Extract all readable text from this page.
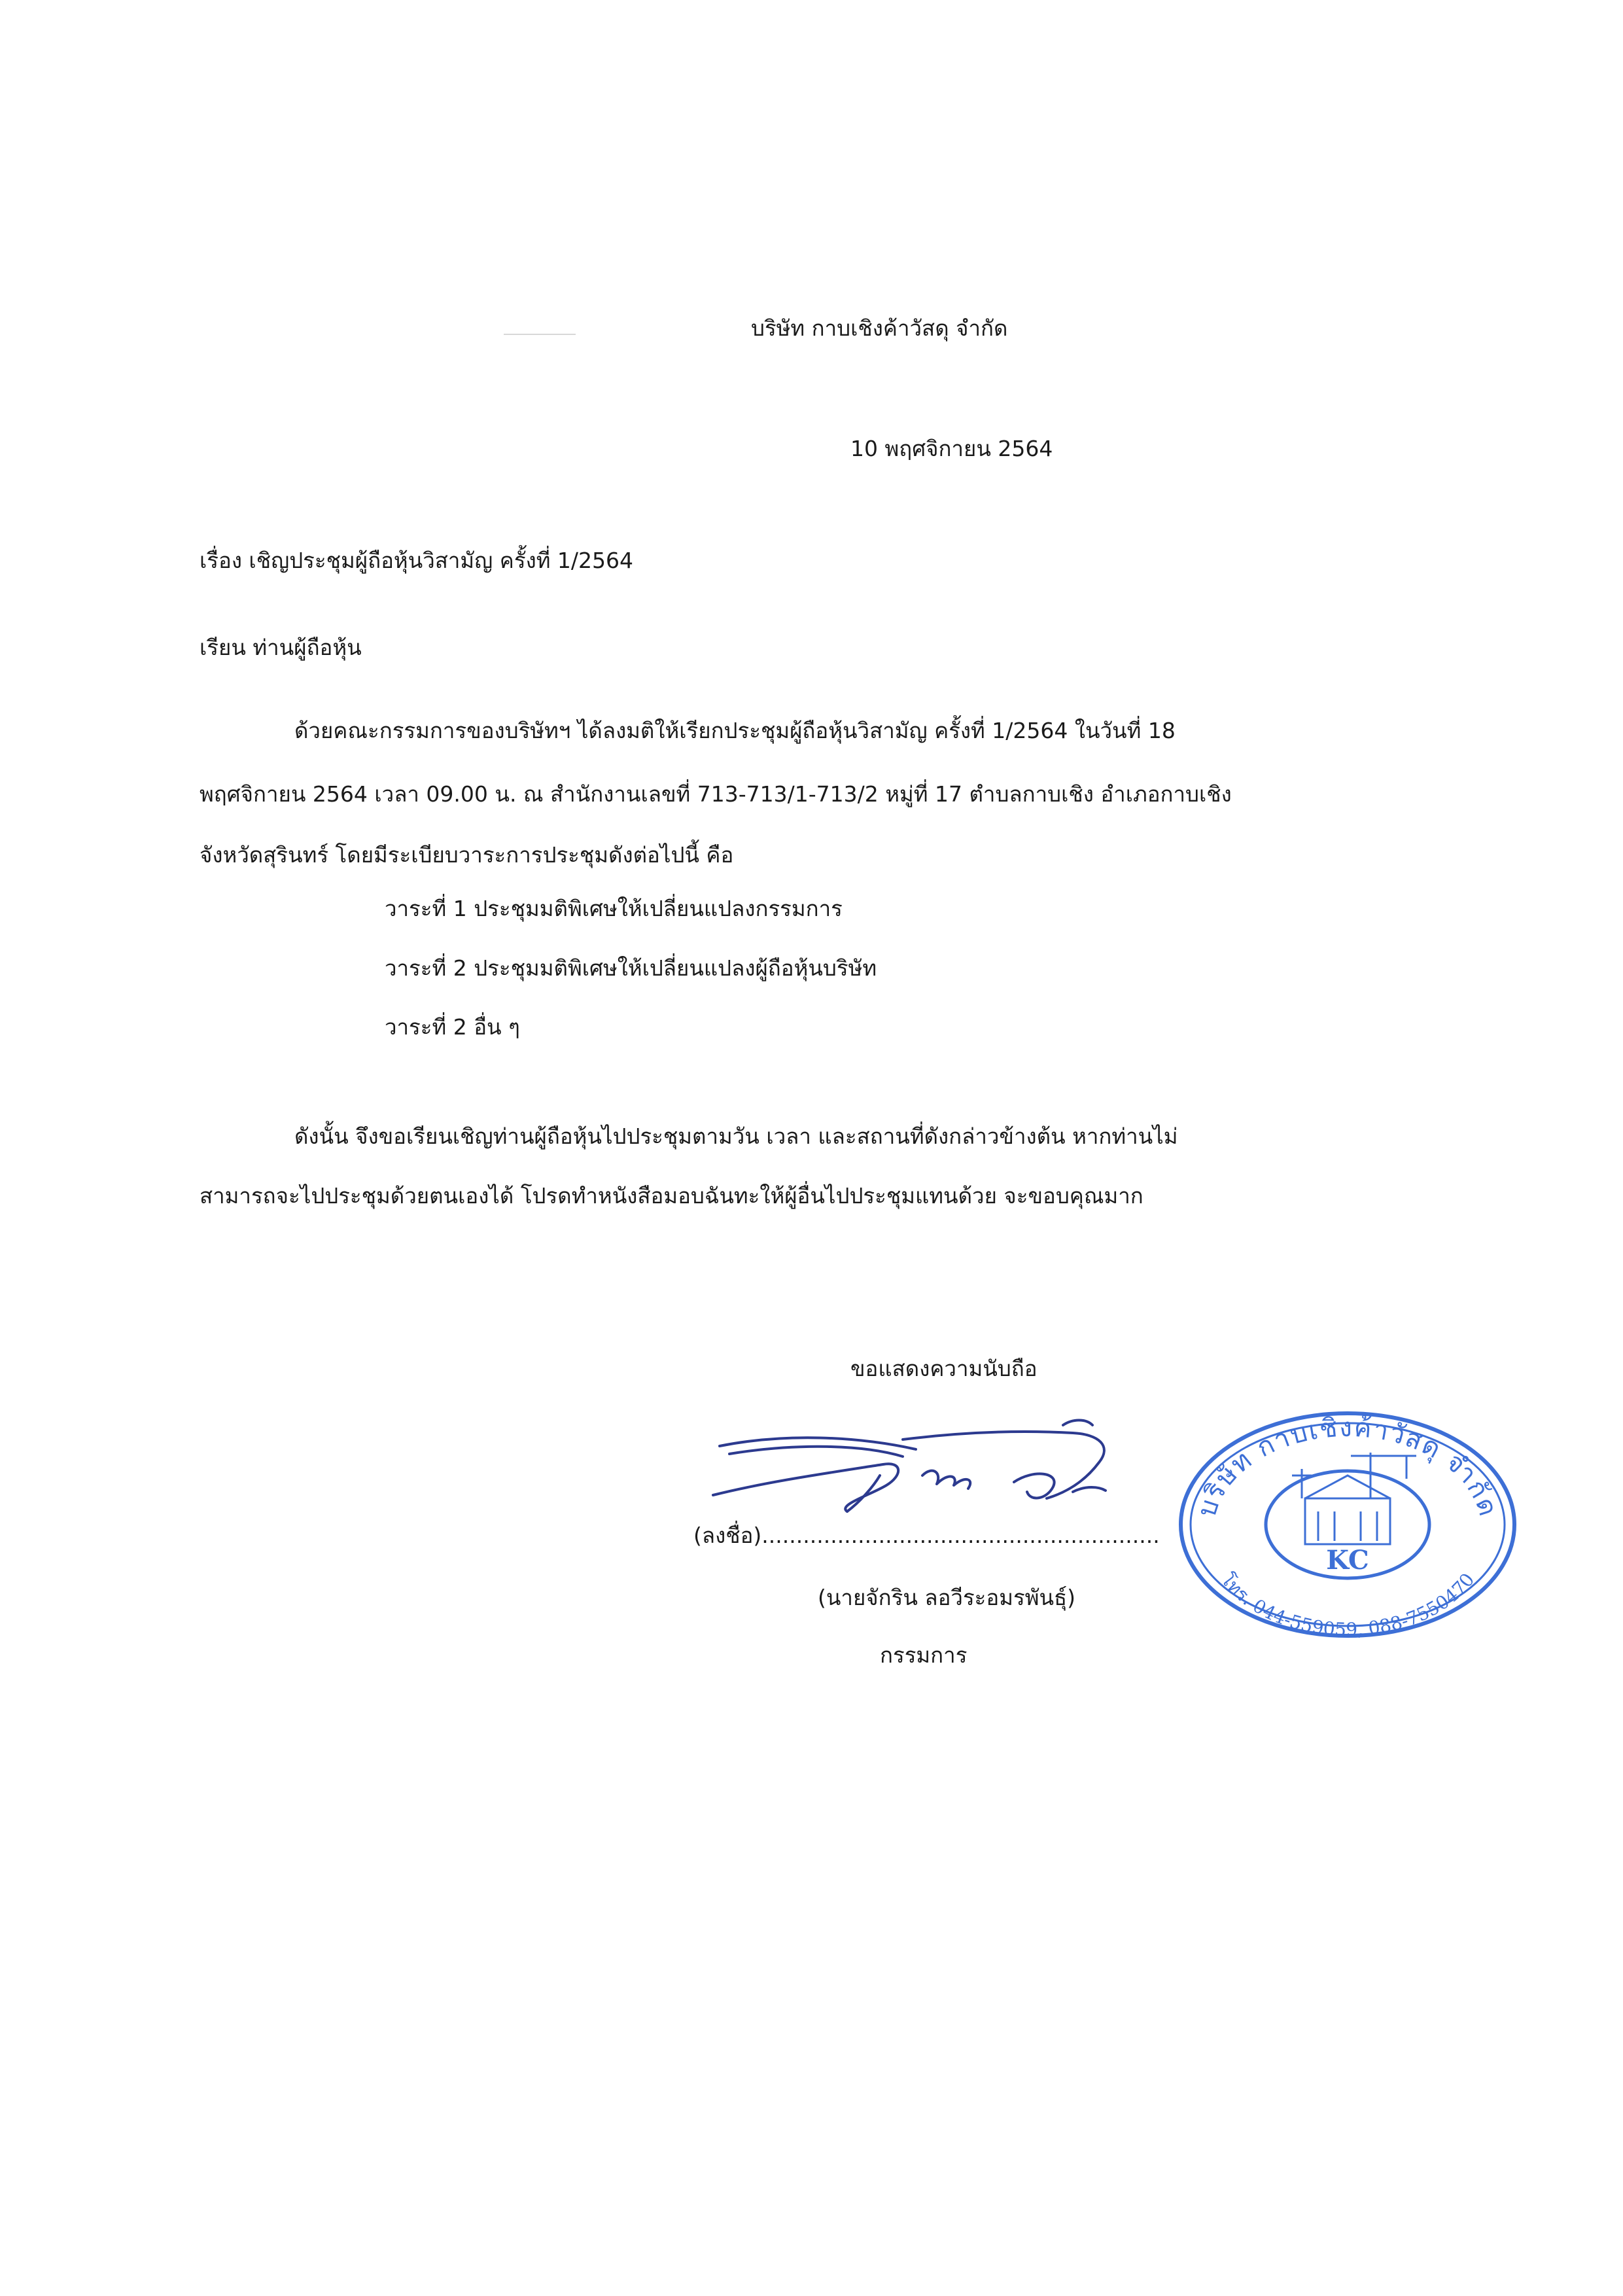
บริษัท กาบเชิงค้าวัสดุ จำกัด
10 พฤศจิกายน 2564
เรื่อง เชิญประชุมผู้ถือหุ้นวิสามัญ ครั้งที่ 1/2564
เรียน ท่านผู้ถือหุ้น
ด้วยคณะกรรมการของบริษัทฯ ได้ลงมติให้เรียกประชุมผู้ถือหุ้นวิสามัญ ครั้งที่ 1/2564 ในวันที่ 18
พฤศจิกายน 2564 เวลา 09.00 น. ณ สำนักงานเลขที่ 713-713/1-713/2 หมู่ที่ 17 ตำบลกาบเชิง อำเภอกาบเชิง
จังหวัดสุรินทร์ โดยมีระเบียบวาระการประชุมดังต่อไปนี้ คือ
วาระที่ 1 ประชุมมติพิเศษให้เปลี่ยนแปลงกรรมการ
วาระที่ 2 ประชุมมติพิเศษให้เปลี่ยนแปลงผู้ถือหุ้นบริษัท
วาระที่ 2 อื่น ๆ
ดังนั้น จึงขอเรียนเชิญท่านผู้ถือหุ้นไปประชุมตามวัน เวลา และสถานที่ดังกล่าวข้างต้น หากท่านไม่
สามารถจะไปประชุมด้วยตนเองได้ โปรดทำหนังสือมอบฉันทะให้ผู้อื่นไปประชุมแทนด้วย จะขอบคุณมาก
ขอแสดงความนับถือ
(ลงชื่อ)..........................................................
(นายจักริน ลอวีระอมรพันธุ์)
กรรมการ
บริษัท กาบเชิงค้าวัสดุ จำกัด
โทร. 044-559059, 088-7550470
KC
